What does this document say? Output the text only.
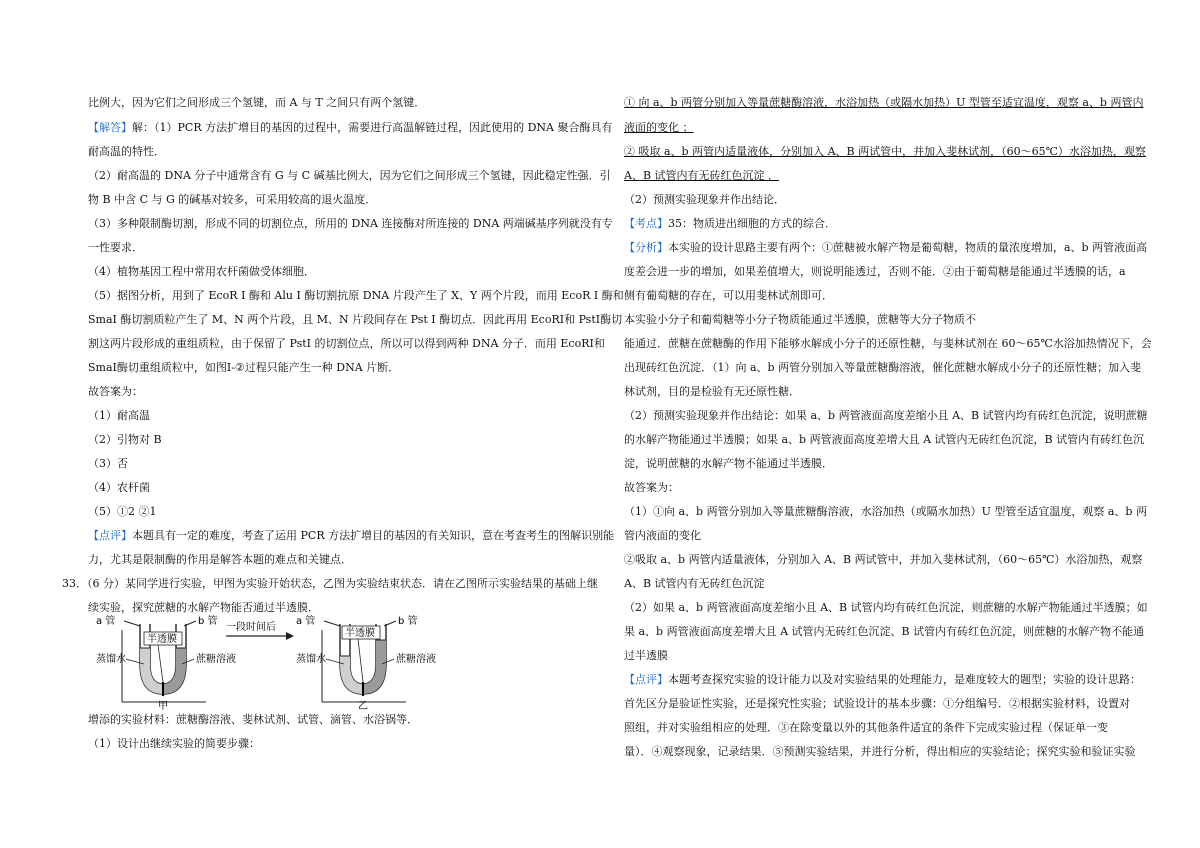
比例大，因为它们之间形成三个氢键，而 A 与 T 之间只有两个氢键．
【解答】解：（1）PCR 方法扩增目的基因的过程中，需要进行高温解链过程，因此使用的 DNA 聚合酶具有
耐高温的特性．
（2）耐高温的 DNA 分子中通常含有 G 与 C 碱基比例大，因为它们之间形成三个氢键，因此稳定性强．引
物 B 中含 C 与 G 的碱基对较多，可采用较高的退火温度．
（3）多种限制酶切割，形成不同的切割位点，所用的 DNA 连接酶对所连接的 DNA 两端碱基序列就没有专
一性要求．
（4）植物基因工程中常用农杆菌做受体细胞．
（5）据图分析，用到了 EcoR I 酶和 Alu I 酶切割抗原 DNA 片段产生了 X、Y 两个片段，而用 EcoR I 酶和
SmaI 酶切割质粒产生了 M、N 两个片段，且 M、N 片段间存在 Pst I 酶切点．因此再用 EcoRⅠ和 PstⅠ酶切
割这两片段形成的重组质粒，由于保留了 PstI 的切割位点，所以可以得到两种 DNA 分子．而用 EcoRⅠ和
SmaⅠ酶切重组质粒中，如图Ⅰ-②过程只能产生一种 DNA 片断．
故答案为：
（1）耐高温
（2）引物对 B
（3）否
（4）农杆菌
（5）①2 ②1
【点评】本题具有一定的难度，考查了运用 PCR 方法扩增目的基因的有关知识，意在考查考生的图解识别能
力，尤其是限制酶的作用是解答本题的难点和关键点．
33．（6 分）某同学进行实验，甲图为实验开始状态，乙图为实验结束状态．请在乙图所示实验结果的基础上继
续实验，探究蔗糖的水解产物能否通过半透膜．
增添的实验材料：蔗糖酶溶液、斐林试剂、试管、滴管、水浴锅等．
（1）设计出继续实验的简要步骤：
① 向 a、b 两管分别加入等量蔗糖酶溶液，水浴加热（或隔水加热）U 型管至适宜温度，观察 a、b 两管内
液面的变化 ；
② 吸取 a、b 两管内适量液体，分别加入 A、B 两试管中，并加入斐林试剂，（60～65℃）水浴加热，观察
A、B 试管内有无砖红色沉淀 ．
（2）预测实验现象并作出结论．
【考点】35：物质进出细胞的方式的综合．
【分析】本实验的设计思路主要有两个：①蔗糖被水解产物是葡萄糖，物质的量浓度增加，a、b 两管液面高
度差会进一步的增加，如果差值增大，则说明能透过，否则不能．②由于葡萄糖是能通过半透膜的话，a
侧有葡萄糖的存在，可以用斐林试剂即可．
本实验小分子和葡萄糖等小分子物质能通过半透膜，蔗糖等大分子物质不
能通过．蔗糖在蔗糖酶的作用下能够水解成小分子的还原性糖，与斐林试剂在 60～65℃水浴加热情况下，会
出现砖红色沉淀．（1）向 a、b 两管分别加入等量蔗糖酶溶液，催化蔗糖水解成小分子的还原性糖；加入斐
林试剂，目的是检验有无还原性糖．
（2）预测实验现象并作出结论：如果 a、b 两管液面高度差缩小且 A、B 试管内均有砖红色沉淀，说明蔗糖
的水解产物能通过半透膜；如果 a、b 两管液面高度差增大且 A 试管内无砖红色沉淀，B 试管内有砖红色沉
淀，说明蔗糖的水解产物不能通过半透膜．
故答案为：
（1）①向 a、b 两管分别加入等量蔗糖酶溶液，水浴加热（或隔水加热）U 型管至适宜温度，观察 a、b 两
管内液面的变化
②吸取 a、b 两管内适量液体，分别加入 A、B 两试管中，并加入斐林试剂，（60～65℃）水浴加热，观察
A、B 试管内有无砖红色沉淀
（2）如果 a、b 两管液面高度差缩小且 A、B 试管内均有砖红色沉淀，则蔗糖的水解产物能通过半透膜；如
果 a、b 两管液面高度差增大且 A 试管内无砖红色沉淀、B 试管内有砖红色沉淀，则蔗糖的水解产物不能通
过半透膜
【点评】本题考查探究实验的设计能力以及对实验结果的处理能力，是难度较大的题型；实验的设计思路：
首先区分是验证性实验，还是探究性实验；试验设计的基本步骤：①分组编号．②根据实验材料，设置对
照组，并对实验组相应的处理．③在除变量以外的其他条件适宜的条件下完成实验过程（保证单一变
量）．④观察现象，记录结果．⑤预测实验结果，并进行分析，得出相应的实验结论；探究实验和验证实验
a 管	b 管
半透膜
蒸馏水	蔗糖溶液
甲
一段时间后
a 管	b 管
半透膜
蒸馏水	蔗糖溶液
乙
